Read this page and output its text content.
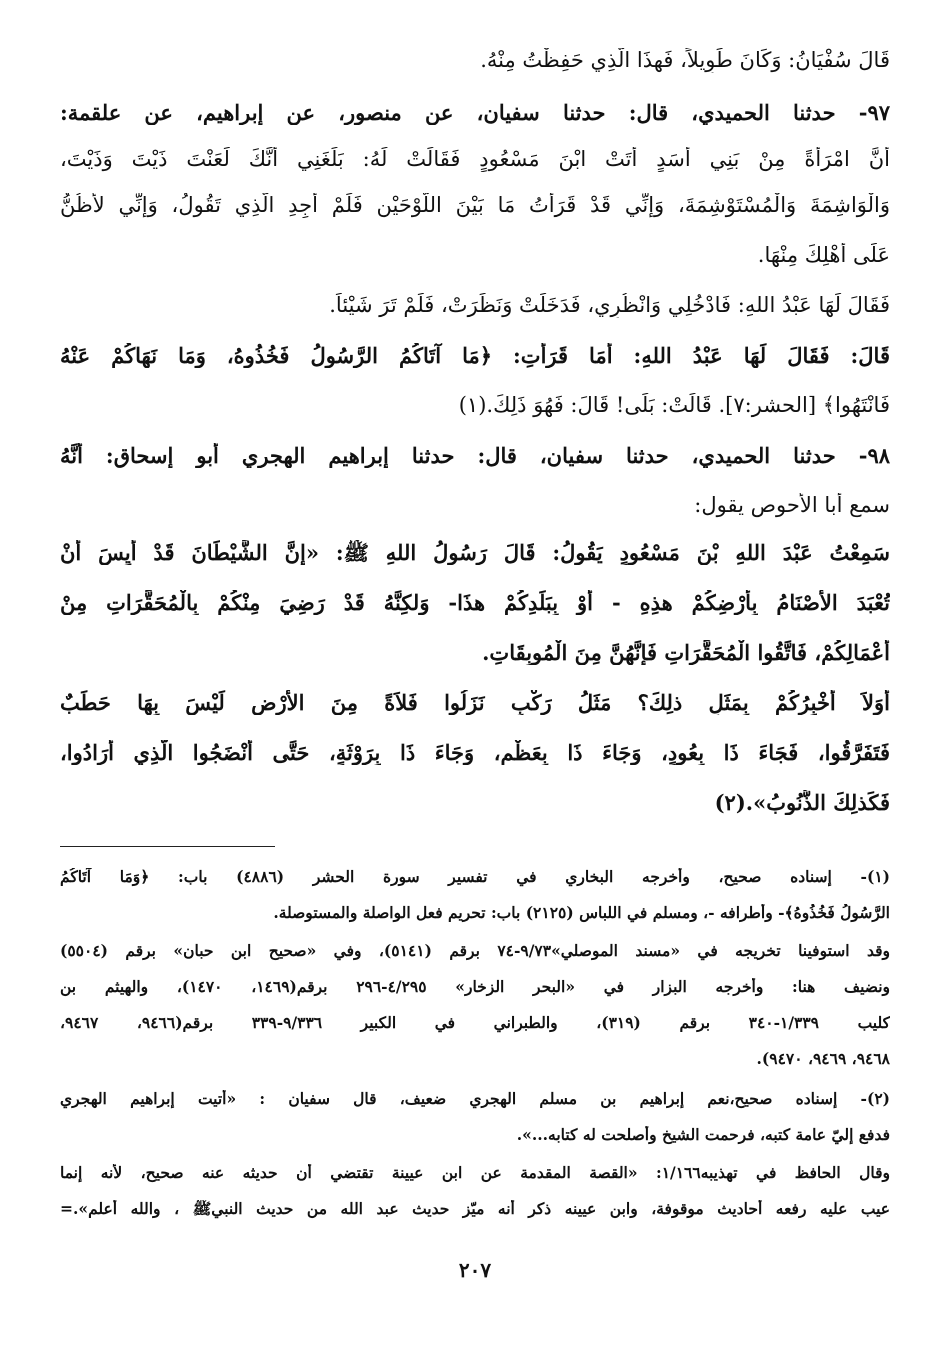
قَالَ سُفْيَانُ: وَكَانَ طَوِيلاً، فَهذَا الَّذِي حَفِظْتُ مِنْهُ.
٩٧- حدثنا الحميدي، قال: حدثنا سفيان، عن منصور، عن إبراهيم، عن علقمة:
أنَّ امْرَأَةً مِنْ بَنِي أَسَدٍ أَتَتْ ابْنَ مَسْعُودٍ فَقَالَتْ لَهُ: بَلَغَنِي أَنَّكَ لَعَنْتَ ذَيْتَ وَذَيْتَ،
وَالْوَاشِمَةَ وَالْمُسْتَوْشِمَةَ، وَإِنِّي قَدْ قَرَأْتُ مَا بَيْنَ اللَّوْحَيْنِ فَلَمْ أَجِدِ الَّذِي تَقُولُ، وَإِنِّي لأَظُنُّ
عَلَى أَهْلِكَ مِنْهَا.
فَقَالَ لَهَا عَبْدُ اللهِ: فَادْخُلِي وَانْظُرِي، فَدَخَلَتْ وَنَظَرَتْ، فَلَمْ تَرَ شَيْئاً.
قَالَ: فَقَالَ لَهَا عَبْدُ اللهِ: أَمَا قَرَأْتِ: ﴿مَا آتَاكُمُ الرَّسُولُ فَخُذُوهُ، وَمَا نَهَاكُمْ عَنْهُ
فَانْتَهُوا﴾ [الحشر:٧]. قَالَتْ: بَلَى! قَالَ: فَهُوَ ذَلِكَ.(١)
٩٨- حدثنا الحميدي، حدثنا سفيان، قال: حدثنا إبراهيم الهجري أبو إسحاق: أنَّهُ
سمع أبا الأحوص يقول:
سَمِعْتُ عَبْدَ اللهِ بْنَ مَسْعُودٍ يَقُولُ: قَالَ رَسُولُ اللهِ ﷺ: «إِنَّ الشَّيْطَانَ قَدْ أَيِسَ أَنْ
تُعْبَدَ الأَصْنَامُ بِأَرْضِكُمْ هذِهِ - أَوْ بِبَلَدِكُمْ هذَا- وَلكِنَّهُ قَدْ رَضِيَ مِنْكُمْ بِالْمُحَقَّرَاتِ مِنْ
أَعْمَالِكُمْ، فَاتَّقُوا الْمُحَقَّرَاتِ فَإِنَّهُنَّ مِنَ الْمُوبِقَاتِ.
أَوَلاَ أُخْبِرُكُمْ بِمَثَلِ ذلِكَ؟ مَثَلُ رَكْبٍ نَزَلُوا فَلاَةً مِنَ الأَرْضِ لَيْسَ بِهَا حَطَبٌ
فَتَفَرَّقُوا، فَجَاءَ ذَا بِعُودٍ، وَجَاءَ ذَا بِعَظْمٍ، وَجَاءَ ذَا بِرَوْثَةٍ، حَتَّى أَنْضَجُوا الَّذِي أَرَادُوا،
فَكَذلِكَ الذُّنُوبُ».(٢)
(١)- إسناده صحيح، وأخرجه البخاري في تفسير سورة الحشر (٤٨٨٦) باب: ﴿وَمَا آتَاكُمُ
الرَّسُولُ فَخُذُوهُ﴾- وأطرافه -، ومسلم في اللباس (٢١٢٥) باب: تحريم فعل الواصلة والمستوصلة.
وقد استوفينا تخريجه في «مسند الموصلي»٩/٧٣-٧٤ برقم (٥١٤١)، وفي «صحيح ابن حبان» برقم (٥٥٠٤)
ونضيف هنا: وأخرجه البزار في «البحر الزخار» ٤/٢٩٥-٢٩٦ برقم(١٤٦٩، ١٤٧٠)، والهيثم بن
كليب ١/٣٣٩-٣٤٠ برقم (٣١٩)، والطبراني في الكبير ٩/٣٣٦-٣٣٩ برقم(٩٤٦٦، ٩٤٦٧،
٩٤٦٨، ٩٤٦٩، ٩٤٧٠).
(٢)- إسناده صحيح،نعم إبراهيم بن مسلم الهجري ضعيف، قال سفيان : «أتيت إبراهيم الهجري
فدفع إليّ عامة كتبه، فرحمت الشيخ وأصلحت له كتابه...».
وقال الحافظ في تهذيبه١/١٦٦: «القصة المقدمة عن ابن عيينة تقتضي أن حديثه عنه صحيح، لأنه إنما
عيب عليه رفعه أحاديث موقوفة، وابن عيينه ذكر أنه ميّز حديث عبد الله من حديث النبيﷺ ، والله أعلم».=
٢٠٧
